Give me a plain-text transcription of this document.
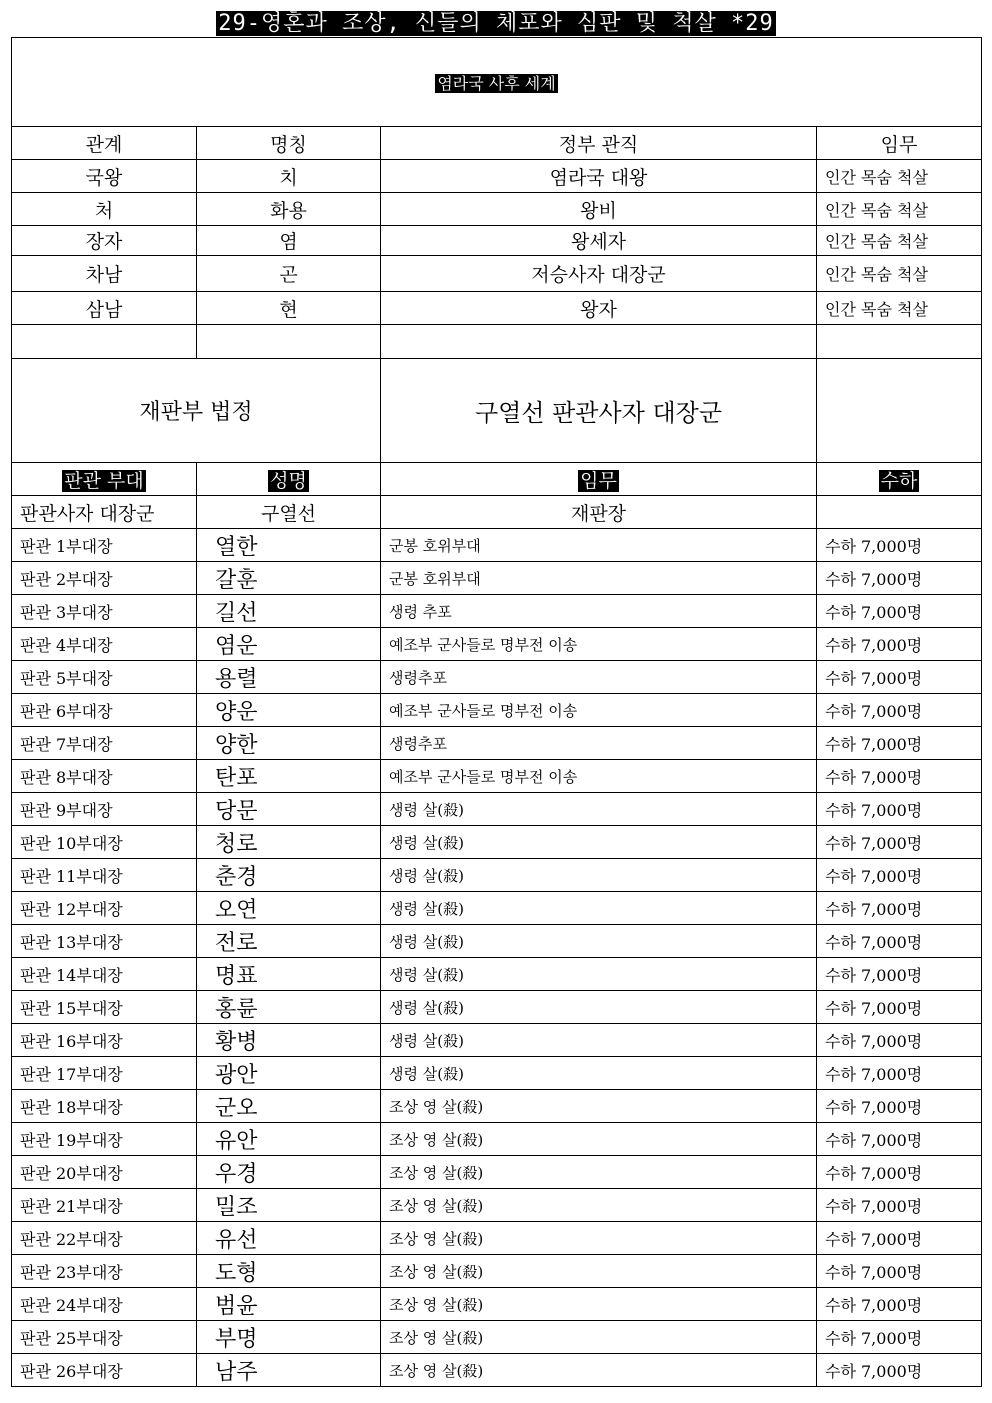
29-영혼과 조상, 신들의 체포와 심판 및 척살 *29
염라국 사후 세계			
관계	명칭	정부 관직	임무
국왕	치	염라국 대왕	인간 목숨 척살
처	화용	왕비	인간 목숨 척살
장자	염	왕세자	인간 목숨 척살
차남	곤	저승사자 대장군	인간 목숨 척살
삼남	현	왕자	인간 목숨 척살

재판부 법정		구열선 판관사자 대장군	
판관 부대	성명	임무	수하
판관사자 대장군	구열선	재판장	
판관 1부대장	열한	군봉 호위부대	수하 7,000명
판관 2부대장	갈훈	군봉 호위부대	수하 7,000명
판관 3부대장	길선	생령 추포	수하 7,000명
판관 4부대장	염운	예조부 군사들로 명부전 이송	수하 7,000명
판관 5부대장	용렬	생령추포	수하 7,000명
판관 6부대장	양운	예조부 군사들로 명부전 이송	수하 7,000명
판관 7부대장	양한	생령추포	수하 7,000명
판관 8부대장	탄포	예조부 군사들로 명부전 이송	수하 7,000명
판관 9부대장	당문	생령 살(殺)	수하 7,000명
판관 10부대장	청로	생령 살(殺)	수하 7,000명
판관 11부대장	춘경	생령 살(殺)	수하 7,000명
판관 12부대장	오연	생령 살(殺)	수하 7,000명
판관 13부대장	전로	생령 살(殺)	수하 7,000명
판관 14부대장	명표	생령 살(殺)	수하 7,000명
판관 15부대장	홍륜	생령 살(殺)	수하 7,000명
판관 16부대장	황병	생령 살(殺)	수하 7,000명
판관 17부대장	광안	생령 살(殺)	수하 7,000명
판관 18부대장	군오	조상 영 살(殺)	수하 7,000명
판관 19부대장	유안	조상 영 살(殺)	수하 7,000명
판관 20부대장	우경	조상 영 살(殺)	수하 7,000명
판관 21부대장	밀조	조상 영 살(殺)	수하 7,000명
판관 22부대장	유선	조상 영 살(殺)	수하 7,000명
판관 23부대장	도형	조상 영 살(殺)	수하 7,000명
판관 24부대장	범윤	조상 영 살(殺)	수하 7,000명
판관 25부대장	부명	조상 영 살(殺)	수하 7,000명
판관 26부대장	남주	조상 영 살(殺)	수하 7,000명
